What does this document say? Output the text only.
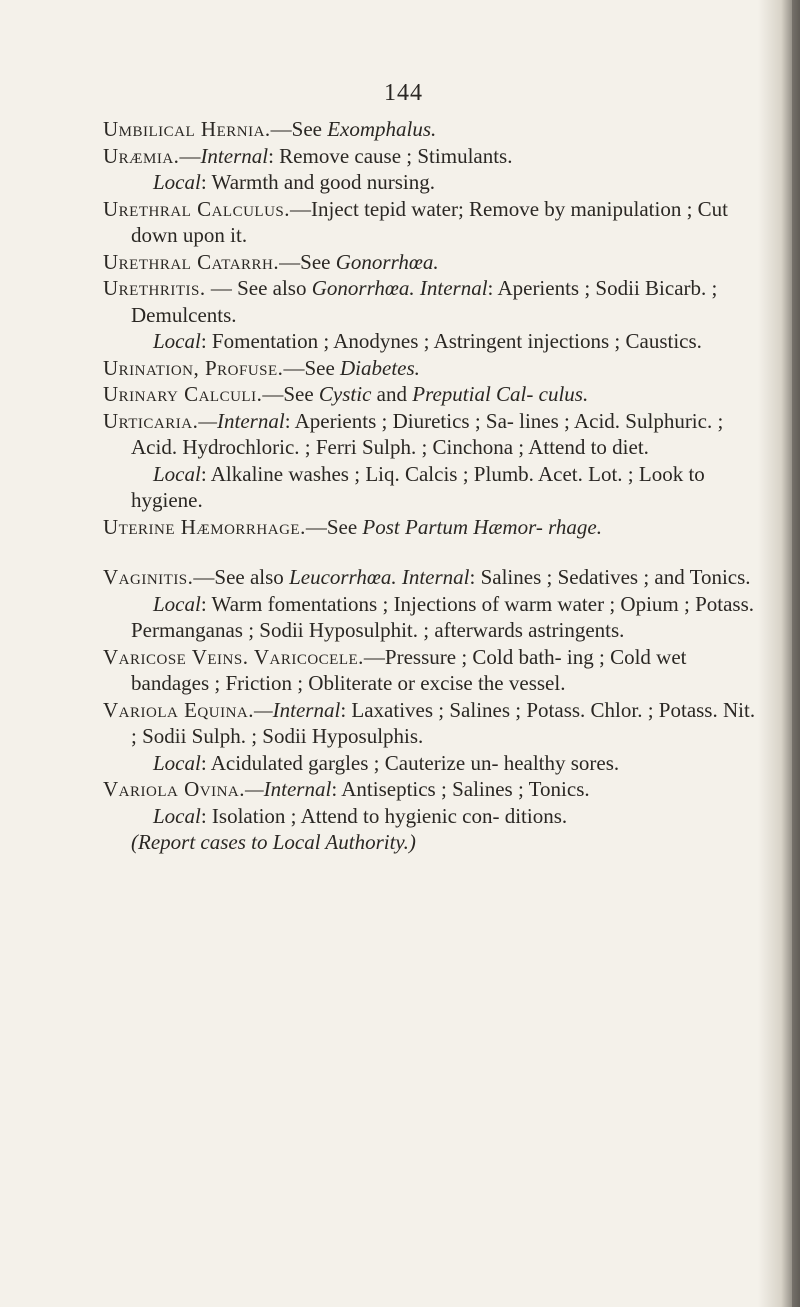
144

Umbilical Hernia.—See Exomphalus.

Uræmia.—Internal: Remove cause ; Stimulants.

Local: Warmth and good nursing.

Urethral Calculus.—Inject tepid water; Remove by manipulation ; Cut down upon it.

Urethral Catarrh.—See Gonorrhœa.

Urethritis. — See also Gonorrhœa. Internal: Aperients ; Sodii Bicarb. ; Demulcents.

Local: Fomentation ; Anodynes ; Astringent injections ; Caustics.

Urination, Profuse.—See Diabetes.

Urinary Calculi.—See Cystic and Preputial Cal- culus.

Urticaria.—Internal: Aperients ; Diuretics ; Sa- lines ; Acid. Sulphuric. ; Acid. Hydrochloric. ; Ferri Sulph. ; Cinchona ; Attend to diet.

Local: Alkaline washes ; Liq. Calcis ; Plumb. Acet. Lot. ; Look to hygiene.

Uterine Hæmorrhage.—See Post Partum Hæmor- rhage.

Vaginitis.—See also Leucorrhœa. Internal: Salines ; Sedatives ; and Tonics.

Local: Warm fomentations ; Injections of warm water ; Opium ; Potass. Permanganas ; Sodii Hyposulphit. ; afterwards astringents.

Varicose Veins. Varicocele.—Pressure ; Cold bath- ing ; Cold wet bandages ; Friction ; Obliterate or excise the vessel.

Variola Equina.—Internal: Laxatives ; Salines ; Potass. Chlor. ; Potass. Nit. ; Sodii Sulph. ; Sodii Hyposulphis.

Local: Acidulated gargles ; Cauterize un- healthy sores.

Variola Ovina.—Internal: Antiseptics ; Salines ; Tonics.

Local: Isolation ; Attend to hygienic con- ditions.

(Report cases to Local Authority.)
